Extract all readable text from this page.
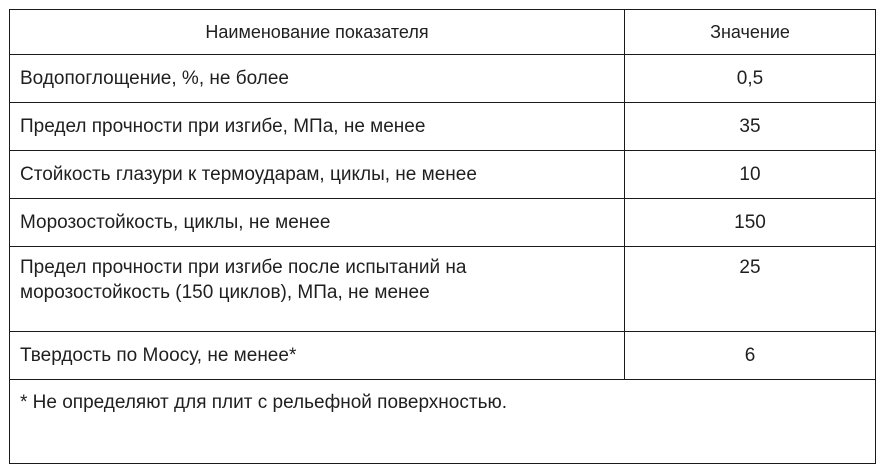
Наименование показателя	Значение
Водопоглощение, %, не более	0,5
Предел прочности при изгибе, МПа, не менее	35
Стойкость глазури к термоударам, циклы, не менее	10
Морозостойкость, циклы, не менее	150
Предел прочности при изгибе после испытаний на морозостойкость (150 циклов), МПа, не менее	25
Твердость по Моосу, не менее*	6
* Не определяют для плит с рельефной поверхностью.	
